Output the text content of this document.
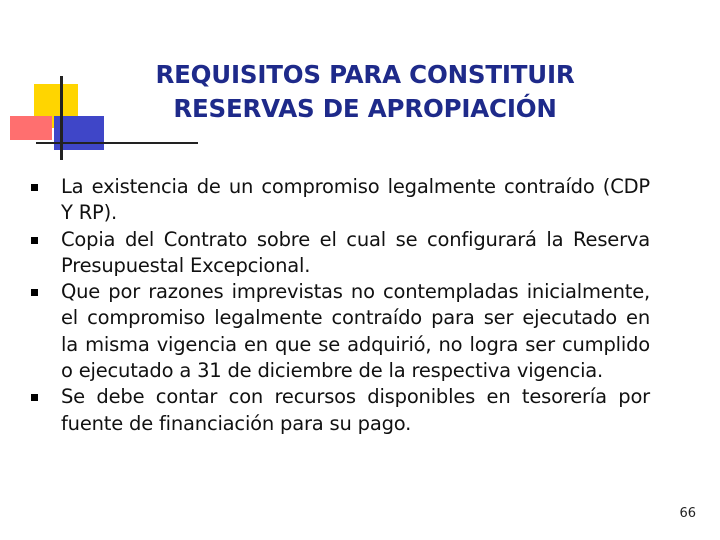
REQUISITOS PARA CONSTITUIR
RESERVAS DE APROPIACIÓN
La existencia de un compromiso legalmente contraído (CDP Y RP).
Copia del Contrato sobre el cual se configurará la Reserva Presupuestal Excepcional.
Que por razones imprevistas no contempladas inicialmente, el compromiso legalmente contraído para ser ejecutado en la misma vigencia en que se adquirió, no logra ser cumplido o ejecutado a 31 de diciembre de la respectiva vigencia.
Se debe contar con recursos disponibles en tesorería por fuente de financiación para su pago.
66
